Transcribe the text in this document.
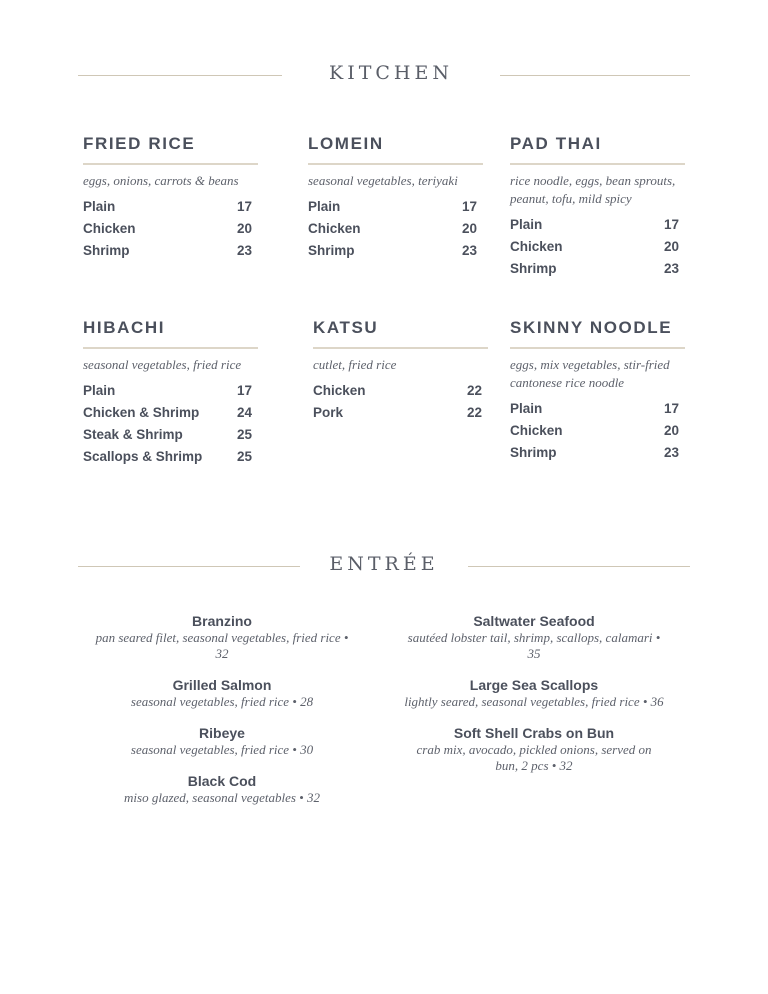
KITCHEN
FRIED RICE
eggs, onions, carrots & beans
Plain	17
Chicken	20
Shrimp	23
LOMEIN
seasonal vegetables, teriyaki
Plain	17
Chicken	20
Shrimp	23
PAD THAI
rice noodle, eggs, bean sprouts, peanut, tofu, mild spicy
Plain	17
Chicken	20
Shrimp	23
HIBACHI
seasonal vegetables, fried rice
Plain	17
Chicken & Shrimp	24
Steak & Shrimp	25
Scallops & Shrimp	25
KATSU
cutlet, fried rice
Chicken	22
Pork	22
SKINNY NOODLE
eggs, mix vegetables, stir-fried cantonese rice noodle
Plain	17
Chicken	20
Shrimp	23
ENTRÉE
Branzino
pan seared filet, seasonal vegetables, fried rice • 32
Grilled Salmon
seasonal vegetables, fried rice • 28
Ribeye
seasonal vegetables, fried rice • 30
Black Cod
miso glazed, seasonal vegetables • 32
Saltwater Seafood
sautéed lobster tail, shrimp, scallops, calamari • 35
Large Sea Scallops
lightly seared, seasonal vegetables, fried rice • 36
Soft Shell Crabs on Bun
crab mix, avocado, pickled onions, served on bun, 2 pcs • 32
